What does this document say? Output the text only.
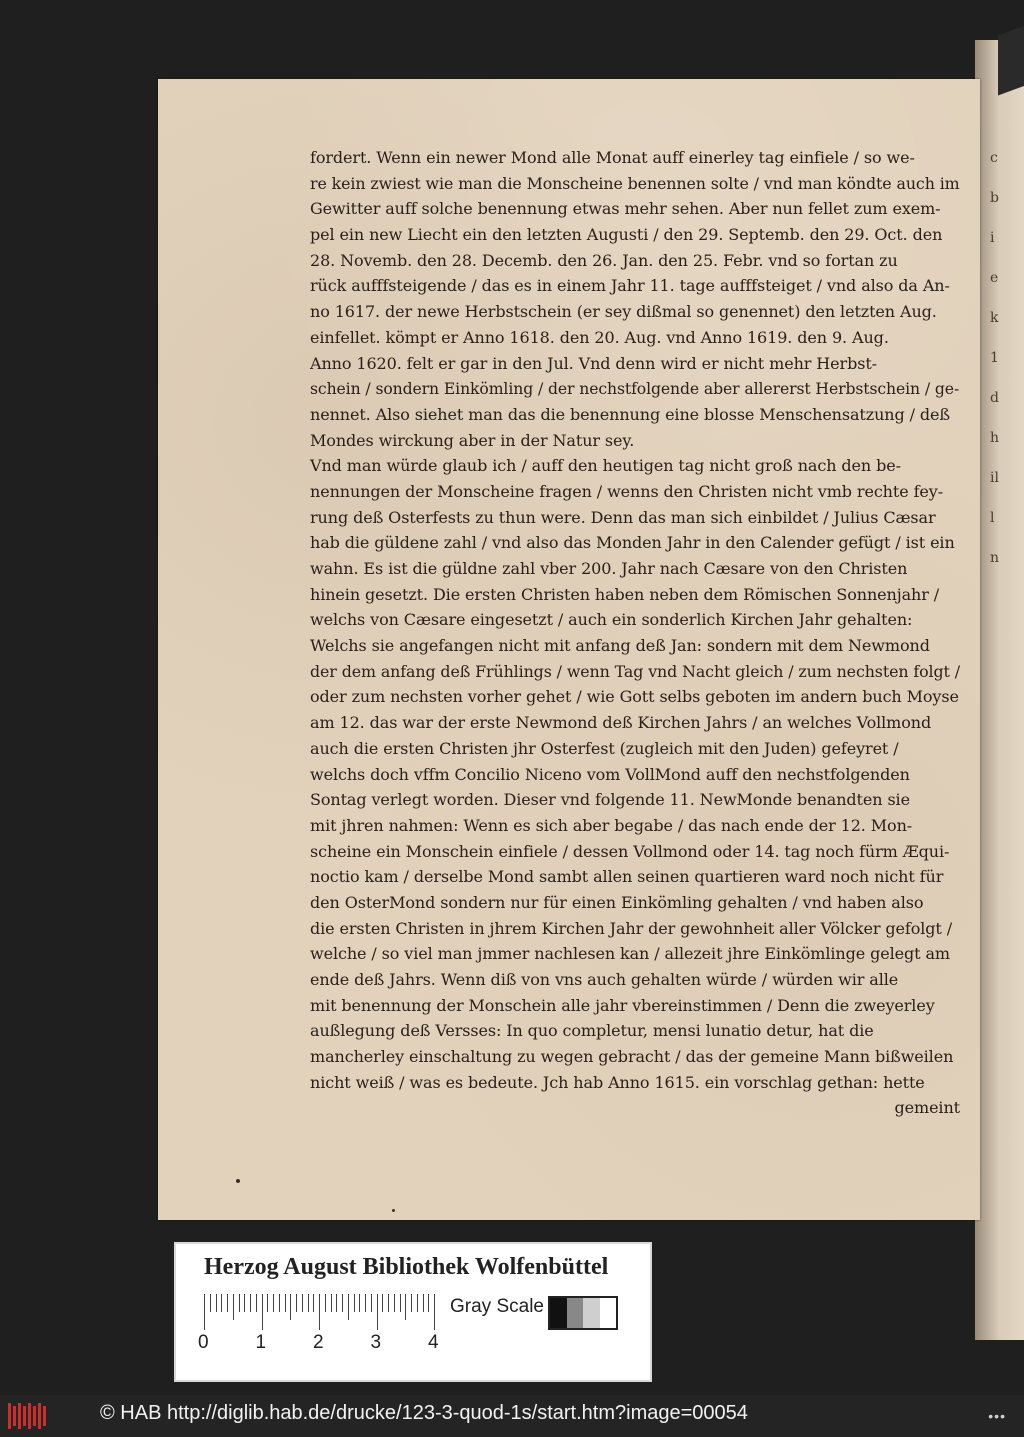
fordert. Wenn ein newer Mond alle Monat auff einerley tag einfiele / so we-
re kein zwiest wie man die Monscheine benennen solte / vnd man köndte auch im
Gewitter auff solche benennung etwas mehr sehen. Aber nun fellet zum exem-
pel ein new Liecht ein den letzten Augusti / den 29. Septemb. den 29. Oct. den
28. Novemb. den 28. Decemb. den 26. Jan. den 25. Febr. vnd so fortan zu
rück aufffsteigende / das es in einem Jahr 11. tage aufffsteiget / vnd also da An-
no 1617. der newe Herbstschein (er sey dißmal so genennet) den letzten Aug.
einfellet. kömpt er Anno 1618. den 20. Aug. vnd Anno 1619. den 9. Aug.
Anno 1620. felt er gar in den Jul. Vnd denn wird er nicht mehr Herbst-
schein / sondern Einkömling / der nechstfolgende aber allererst Herbstschein / ge-
nennet. Also siehet man das die benennung eine blosse Menschensatzung / deß
Mondes wirckung aber in der Natur sey.
Vnd man würde glaub ich / auff den heutigen tag nicht groß nach den be-
nennungen der Monscheine fragen / wenns den Christen nicht vmb rechte fey-
rung deß Osterfests zu thun were. Denn das man sich einbildet / Julius Cæsar
hab die güldene zahl / vnd also das Monden Jahr in den Calender gefügt / ist ein
wahn. Es ist die güldne zahl vber 200. Jahr nach Cæsare von den Christen
hinein gesetzt. Die ersten Christen haben neben dem Römischen Sonnenjahr /
welchs von Cæsare eingesetzt / auch ein sonderlich Kirchen Jahr gehalten:
Welchs sie angefangen nicht mit anfang deß Jan: sondern mit dem Newmond
der dem anfang deß Frühlings / wenn Tag vnd Nacht gleich / zum nechsten folgt /
oder zum nechsten vorher gehet / wie Gott selbs geboten im andern buch Moyse
am 12. das war der erste Newmond deß Kirchen Jahrs / an welches Vollmond
auch die ersten Christen jhr Osterfest (zugleich mit den Juden) gefeyret /
welchs doch vffm Concilio Niceno vom VollMond auff den nechstfolgenden
Sontag verlegt worden. Dieser vnd folgende 11. NewMonde benandten sie
mit jhren nahmen: Wenn es sich aber begabe / das nach ende der 12. Mon-
scheine ein Monschein einfiele / dessen Vollmond oder 14. tag noch fürm Æqui-
noctio kam / derselbe Mond sambt allen seinen quartieren ward noch nicht für
den OsterMond sondern nur für einen Einkömling gehalten / vnd haben also
die ersten Christen in jhrem Kirchen Jahr der gewohnheit aller Völcker gefolgt /
welche / so viel man jmmer nachlesen kan / allezeit jhre Einkömlinge gelegt am
ende deß Jahrs. Wenn diß von vns auch gehalten würde / würden wir alle
mit benennung der Monschein alle jahr vbereinstimmen / Denn die zweyerley
außlegung deß Versses: In quo completur, mensi lunatio detur, hat die
mancherley einschaltung zu wegen gebracht / das der gemeine Mann bißweilen
nicht weiß / was es bedeute. Jch hab Anno 1615. ein vorschlag gethan: hette
gemeint
c
b
i
e
k
1
d
h
il
l
n
Herzog August Bibliothek Wolfenbüttel
0 1 2 3 4
Gray Scale
© HAB http://diglib.hab.de/drucke/123-3-quod-1s/start.htm?image=00054	•••
